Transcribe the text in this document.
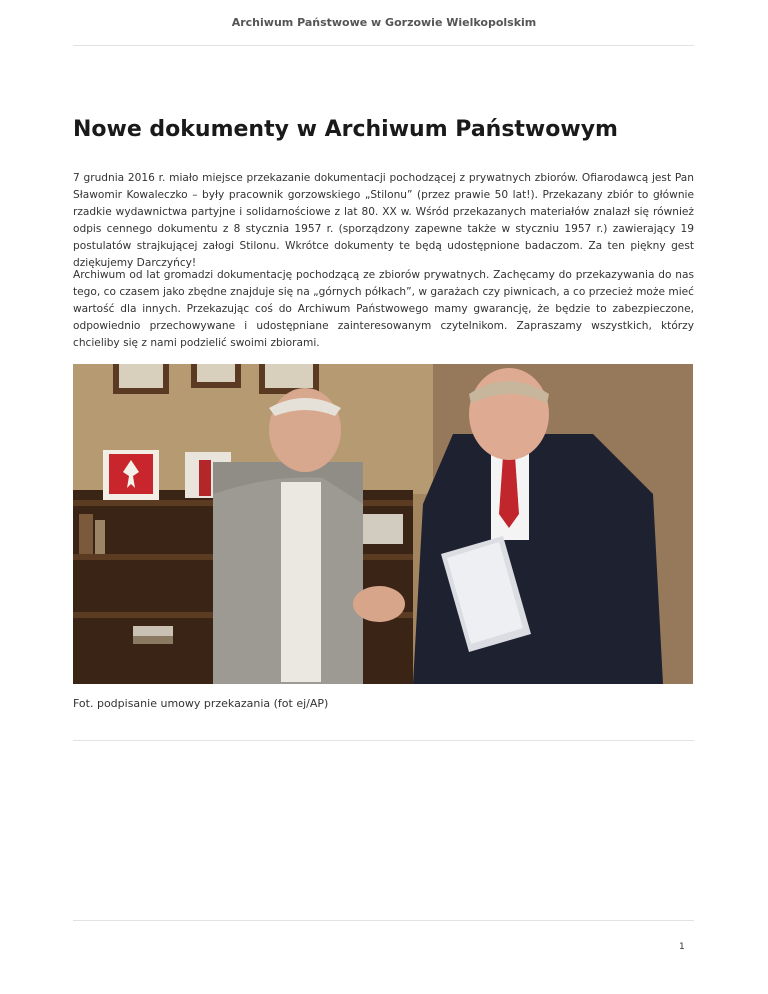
Archiwum Państwowe w Gorzowie Wielkopolskim
Nowe dokumenty w Archiwum Państwowym

7 grudnia 2016 r. miało miejsce przekazanie dokumentacji pochodzącej z prywatnych zbiorów. Ofiarodawcą jest Pan Sławomir Kowaleczko – były pracownik gorzowskiego „Stilonu” (przez prawie 50 lat!). Przekazany zbiór to głównie rzadkie wydawnictwa partyjne i solidarnościowe z lat 80. XX w. Wśród przekazanych materiałów znalazł się również odpis cennego dokumentu z 8 stycznia 1957 r. (sporządzony zapewne także w styczniu 1957 r.) zawierający 19 postulatów strajkującej załogi Stilonu. Wkrótce dokumenty te będą udostępnione badaczom. Za ten piękny gest dziękujemy Darczyńcy!

Archiwum od lat gromadzi dokumentację pochodzącą ze zbiorów prywatnych. Zachęcamy do przekazywania do nas tego, co czasem jako zbędne znajduje się na „górnych półkach”, w garażach czy piwnicach, a co przecież może mieć wartość dla innych. Przekazując coś do Archiwum Państwowego mamy gwarancję, że będzie to zabezpieczone, odpowiednio przechowywane i udostępniane zainteresowanym czytelnikom. Zapraszamy wszystkich, którzy chcieliby się z nami podzielić swoimi zbiorami.

Fot. podpisanie umowy przekazania (fot ej/AP)
1
